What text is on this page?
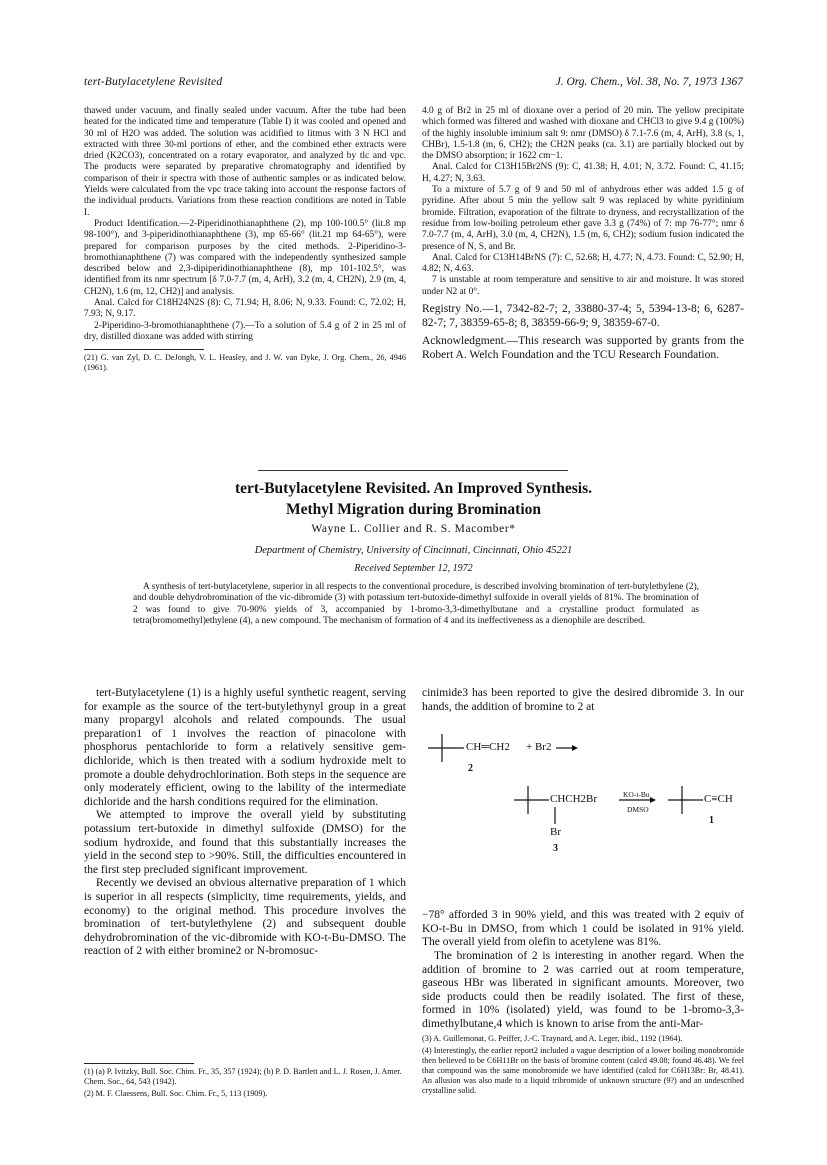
tert-Butylacetylene Revisited	J. Org. Chem., Vol. 38, No. 7, 1973 1367

thawed under vacuum, and finally sealed under vacuum. After the tube had been heated for the indicated time and temperature (Table I) it was cooled and opened and 30 ml of H2O was added. The solution was acidified to litmus with 3 N HCl and extracted with three 30-ml portions of ether, and the combined ether extracts were dried (K2CO3), concentrated on a rotary evaporator, and analyzed by tlc and vpc. The products were separated by preparative chromatography and identified by comparison of their ir spectra with those of authentic samples or as indicated below. Yields were calculated from the vpc trace taking into account the response factors of the individual products. Variations from these reaction conditions are noted in Table I.

Product Identification.—2-Piperidinothianaphthene (2), mp 100-100.5° (lit.8 mp 98-100°), and 3-piperidinothianaphthene (3), mp 65-66° (lit.21 mp 64-65°), were prepared for comparison purposes by the cited methods. 2-Piperidino-3-bromothianaphthene (7) was compared with the independently synthesized sample described below and 2,3-dipiperidinothianaphthene (8), mp 101-102.5°, was identified from its nmr spectrum [δ 7.0-7.7 (m, 4, ArH), 3.2 (m, 4, CH2N), 2.9 (m, 4, CH2N), 1.6 (m, 12, CH2)] and analysis.

Anal. Calcd for C18H24N2S (8): C, 71.94; H, 8.06; N, 9.33. Found: C, 72.02; H, 7.93; N, 9.17.

2-Piperidino-3-bromothianaphthene (7).—To a solution of 5.4 g of 2 in 25 ml of dry, distilled dioxane was added with stirring

(21) G. van Zyl, D. C. DeJongh, V. L. Heasley, and J. W. van Dyke, J. Org. Chem., 26, 4946 (1961).

4.0 g of Br2 in 25 ml of dioxane over a period of 20 min. The yellow precipitate which formed was filtered and washed with dioxane and CHCl3 to give 9.4 g (100%) of the highly insoluble iminium salt 9: nmr (DMSO) δ 7.1-7.6 (m, 4, ArH), 3.8 (s, 1, CHBr), 1.5-1.8 (m, 6, CH2); the CH2N peaks (ca. 3.1) are partially blocked out by the DMSO absorption; ir 1622 cm−1.

Anal. Calcd for C13H15Br2NS (9): C, 41.38; H, 4.01; N, 3.72. Found: C, 41.15; H, 4.27; N, 3.63.

To a mixture of 5.7 g of 9 and 50 ml of anhydrous ether was added 1.5 g of pyridine. After about 5 min the yellow salt 9 was replaced by white pyridinium bromide. Filtration, evaporation of the filtrate to dryness, and recrystallization of the residue from low-boiling petroleum ether gave 3.3 g (74%) of 7: mp 76-77°; nmr δ 7.0-7.7 (m, 4, ArH), 3.0 (m, 4, CH2N), 1.5 (m, 6, CH2); sodium fusion indicated the presence of N, S, and Br.

Anal. Calcd for C13H14BrNS (7): C, 52.68; H, 4.77; N, 4.73. Found: C, 52.90; H, 4.82; N, 4.63.

7 is unstable at room temperature and sensitive to air and moisture. It was stored under N2 at 0°.

Registry No.—1, 7342-82-7; 2, 33880-37-4; 5, 5394-13-8; 6, 6287-82-7; 7, 38359-65-8; 8, 38359-66-9; 9, 38359-67-0.
Acknowledgment.—This research was supported by grants from the Robert A. Welch Foundation and the TCU Research Foundation.
tert-Butylacetylene Revisited. An Improved Synthesis.
Methyl Migration during Bromination
Wayne L. Collier and R. S. Macomber*
Department of Chemistry, University of Cincinnati, Cincinnati, Ohio 45221
Received September 12, 1972

A synthesis of tert-butylacetylene, superior in all respects to the conventional procedure, is described involving bromination of tert-butylethylene (2), and double dehydrobromination of the vic-dibromide (3) with potassium tert-butoxide-dimethyl sulfoxide in overall yields of 81%. The bromination of 2 was found to give 70-90% yields of 3, accompanied by 1-bromo-3,3-dimethylbutane and a crystalline product formulated as tetra(bromomethyl)ethylene (4), a new compound. The mechanism of formation of 4 and its ineffectiveness as a dienophile are described.

tert-Butylacetylene (1) is a highly useful synthetic reagent, serving for example as the source of the tert-butylethynyl group in a great many propargyl alcohols and related compounds. The usual preparation1 of 1 involves the reaction of pinacolone with phosphorus pentachloride to form a relatively sensitive gem-dichloride, which is then treated with a sodium hydroxide melt to promote a double dehydrochlorination. Both steps in the sequence are only moderately efficient, owing to the lability of the intermediate dichloride and the harsh conditions required for the elimination.

We attempted to improve the overall yield by substituting potassium tert-butoxide in dimethyl sulfoxide (DMSO) for the sodium hydroxide, and found that this substantially increases the yield in the second step to >90%. Still, the difficulties encountered in the first step precluded significant improvement.

Recently we devised an obvious alternative preparation of 1 which is superior in all respects (simplicity, time requirements, yields, and economy) to the original method. This procedure involves the bromination of tert-butylethylene (2) and subsequent double dehydrobromination of the vic-dibromide with KO-t-Bu-DMSO. The reaction of 2 with either bromine2 or N-bromosuc-

(1) (a) P. Ivitzky, Bull. Soc. Chim. Fr., 35, 357 (1924); (b) P. D. Bartlett and L. J. Rosen, J. Amer. Chem. Soc., 64, 543 (1942).
(2) M. F. Claessens, Bull. Soc. Chim. Fr., 5, 113 (1909).

cinimide3 has been reported to give the desired dibromide 3. In our hands, the addition of bromine to 2 at

CH═CH2 + Br2
2
CHCH2Br
Br
3
KO-t-Bu
DMSO
C≡CH
1

−78° afforded 3 in 90% yield, and this was treated with 2 equiv of KO-t-Bu in DMSO, from which 1 could be isolated in 91% yield. The overall yield from olefin to acetylene was 81%.

The bromination of 2 is interesting in another regard. When the addition of bromine to 2 was carried out at room temperature, gaseous HBr was liberated in significant amounts. Moreover, two side products could then be readily isolated. The first of these, formed in 10% (isolated) yield, was found to be 1-bromo-3,3-dimethylbutane,4 which is known to arise from the anti-Mar-

(3) A. Guillemonat, G. Peiffer, J.-C. Traynard, and A. Leger, ibid., 1192 (1964).
(4) Interestingly, the earlier report2 included a vague description of a lower boiling monobromide then believed to be C6H11Br on the basis of bromine content (calcd 49.08; found 46.48). We feel that compound was the same monobromide we have identified (calcd for C6H13Br: Br, 48.41). An allusion was also made to a liquid tribromide of unknown structure (9?) and an undescribed crystalline solid.
